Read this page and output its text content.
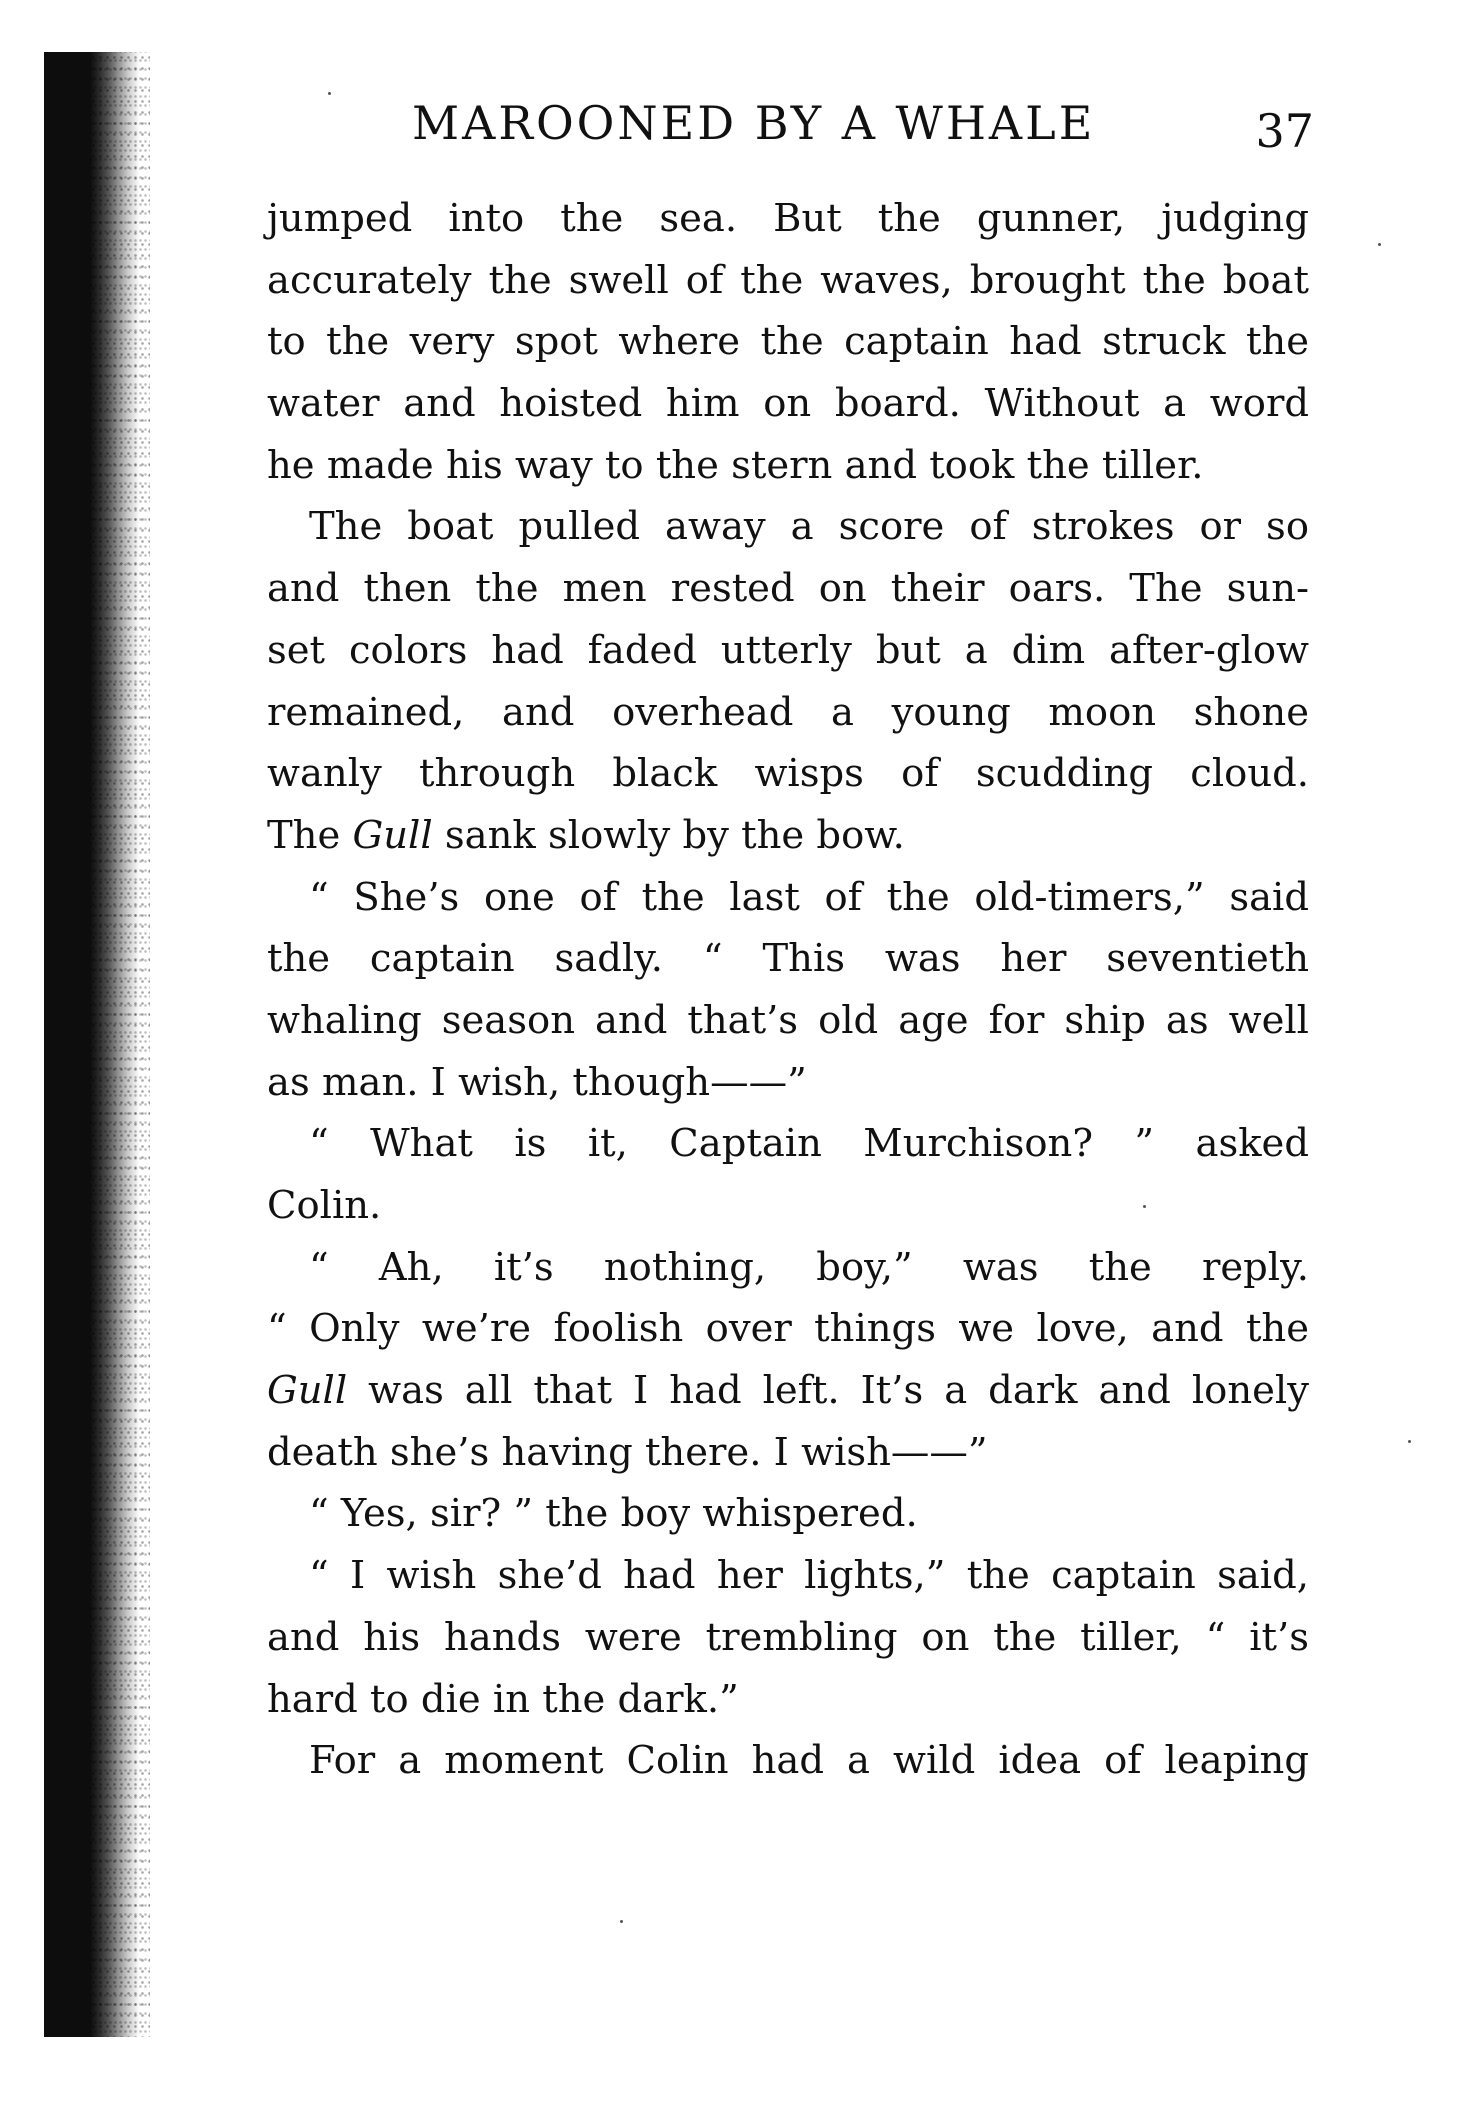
MAROONED BY A WHALE	37
jumped into the sea. But the gunner, judging
accurately the swell of the waves, brought the boat
to the very spot where the captain had struck the
water and hoisted him on board. Without a word
he made his way to the stern and took the tiller.
The boat pulled away a score of strokes or so
and then the men rested on their oars. The sun-
set colors had faded utterly but a dim after-glow
remained, and overhead a young moon shone
wanly through black wisps of scudding cloud.
The Gull sank slowly by the bow.
“ She’s one of the last of the old-timers,” said
the captain sadly. “ This was her seventieth
whaling season and that’s old age for ship as well
as man. I wish, though——”
“ What is it, Captain Murchison? ” asked
Colin.
“ Ah, it’s nothing, boy,” was the reply.
“ Only we’re foolish over things we love, and the
Gull was all that I had left. It’s a dark and lonely
death she’s having there. I wish——”
“ Yes, sir? ” the boy whispered.
“ I wish she’d had her lights,” the captain said,
and his hands were trembling on the tiller, “ it’s
hard to die in the dark.”
For a moment Colin had a wild idea of leaping
